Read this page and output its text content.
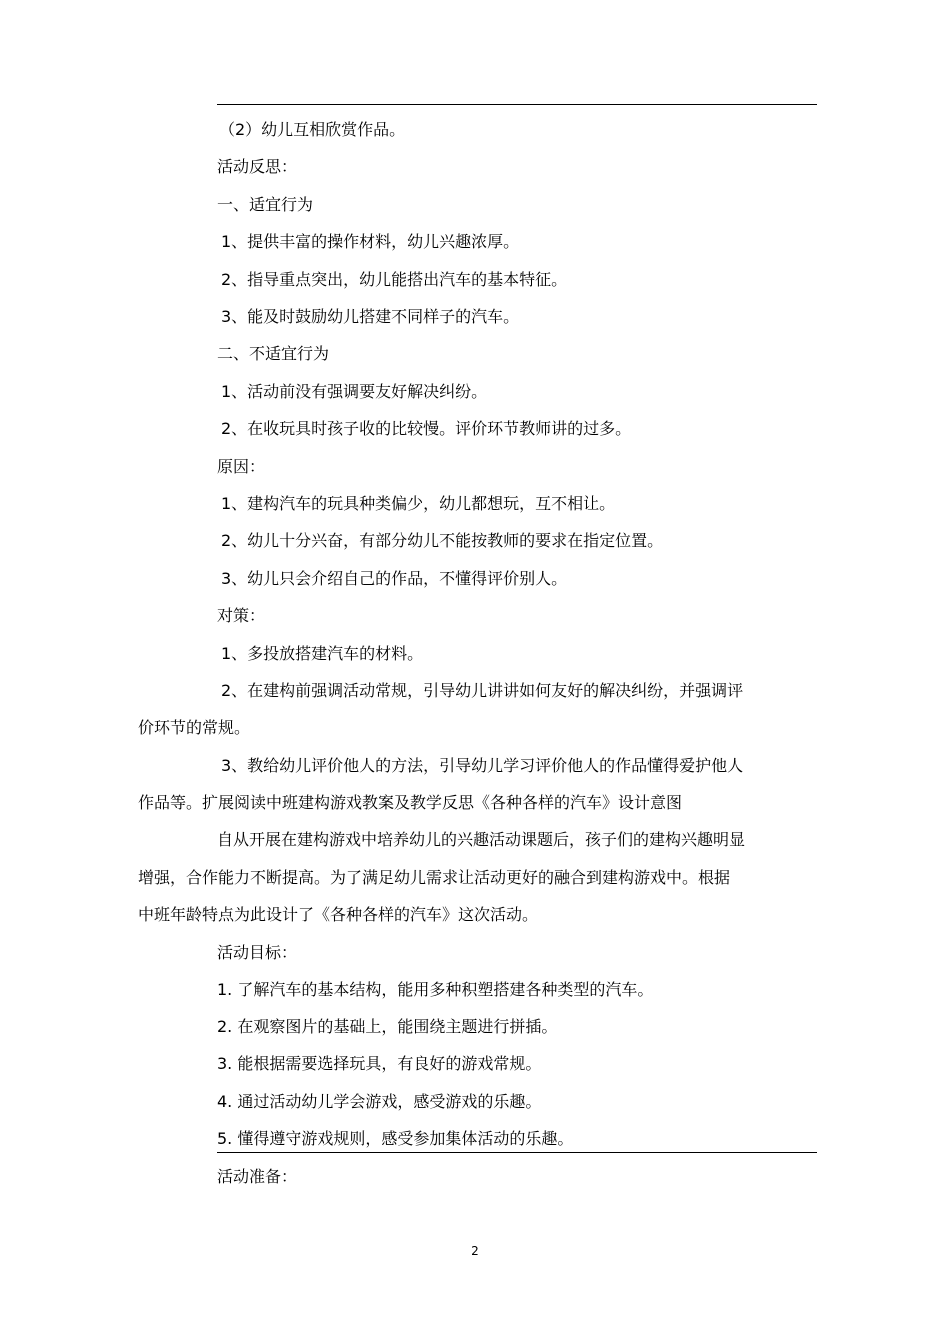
（2）幼儿互相欣赏作品。
活动反思：
一、适宜行为
1、提供丰富的操作材料，幼儿兴趣浓厚。
2、指导重点突出，幼儿能搭出汽车的基本特征。
3、能及时鼓励幼儿搭建不同样子的汽车。
二、不适宜行为
1、活动前没有强调要友好解决纠纷。
2、在收玩具时孩子收的比较慢。评价环节教师讲的过多。
原因：
1、建构汽车的玩具种类偏少，幼儿都想玩，互不相让。
2、幼儿十分兴奋，有部分幼儿不能按教师的要求在指定位置。
3、幼儿只会介绍自己的作品，不懂得评价别人。
对策：
1、多投放搭建汽车的材料。
2、在建构前强调活动常规，引导幼儿讲讲如何友好的解决纠纷，并强调评
价环节的常规。
3、教给幼儿评价他人的方法，引导幼儿学习评价他人的作品懂得爱护他人
作品等。扩展阅读中班建构游戏教案及教学反思《各种各样的汽车》设计意图
自从开展在建构游戏中培养幼儿的兴趣活动课题后，孩子们的建构兴趣明显
增强，合作能力不断提高。为了满足幼儿需求让活动更好的融合到建构游戏中。根据
中班年龄特点为此设计了《各种各样的汽车》这次活动。
活动目标：
1. 了解汽车的基本结构，能用多种积塑搭建各种类型的汽车。
2. 在观察图片的基础上，能围绕主题进行拼插。
3. 能根据需要选择玩具，有良好的游戏常规。
4. 通过活动幼儿学会游戏，感受游戏的乐趣。
5. 懂得遵守游戏规则，感受参加集体活动的乐趣。
活动准备：
2
